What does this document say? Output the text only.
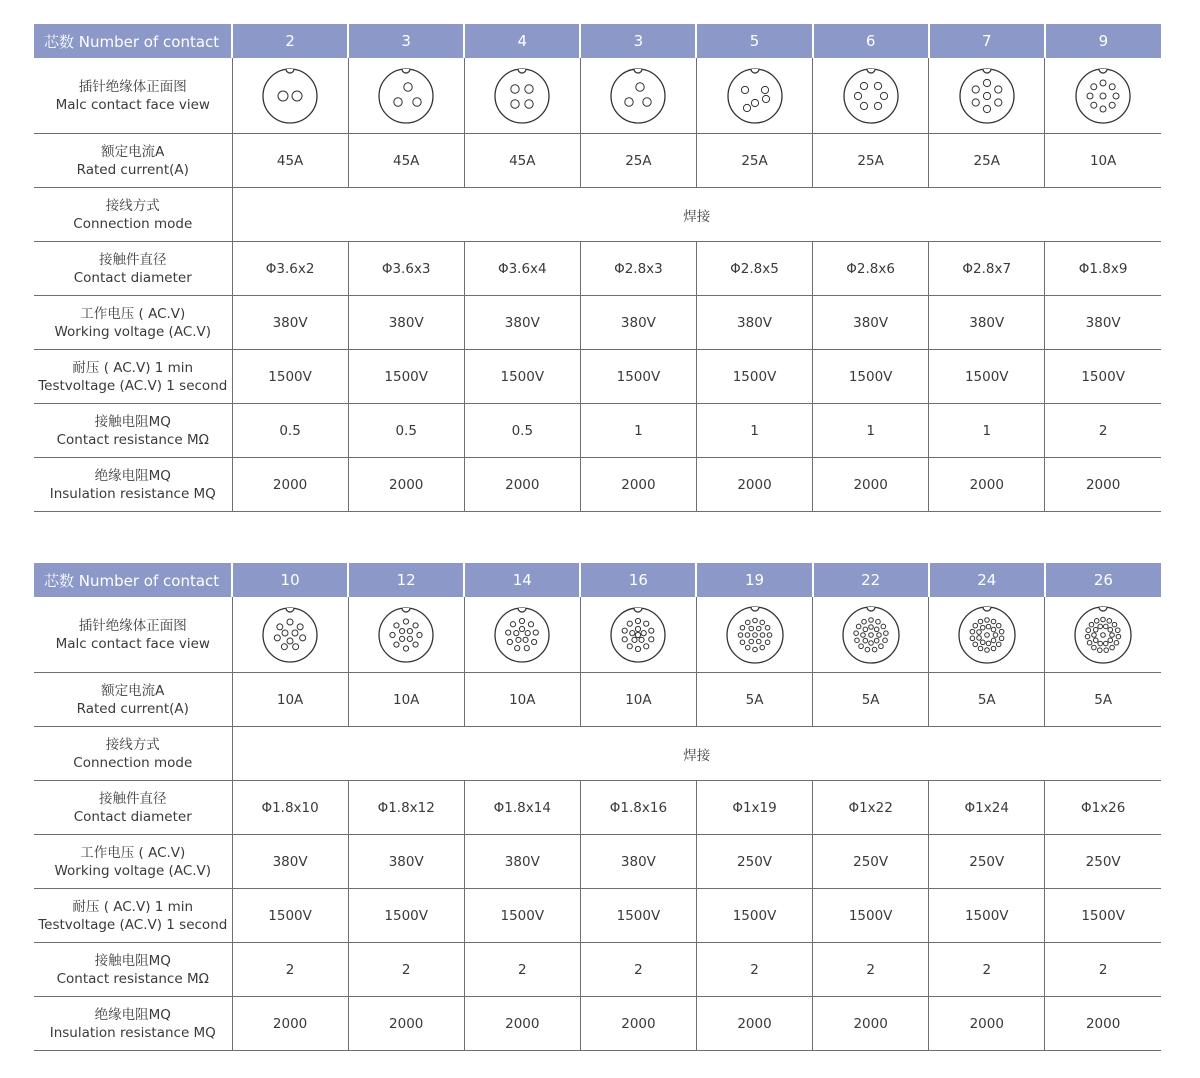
芯数 Number of contact	2	3	4	3	5	6	7	9

插针绝缘体正面图
Malc contact face view

额定电流A
Rated current(A)	45A	45A	45A	25A	25A	25A	25A	10A

接线方式
Connection mode	焊接							

接触件直径
Contact diameter	Φ3.6x2	Φ3.6x3	Φ3.6x4	Φ2.8x3	Φ2.8x5	Φ2.8x6	Φ2.8x7	Φ1.8x9

工作电压 ( AC.V)
Working voltage (AC.V)	380V	380V	380V	380V	380V	380V	380V	380V

耐压 ( AC.V) 1 min
Testvoltage (AC.V) 1 second	1500V	1500V	1500V	1500V	1500V	1500V	1500V	1500V

接触电阻MQ
Contact resistance MΩ	0.5	0.5	0.5	1	1	1	1	2

绝缘电阻MQ
Insulation resistance MQ	2000	2000	2000	2000	2000	2000	2000	2000
芯数 Number of contact	10	12	14	16	19	22	24	26

插针绝缘体正面图
Malc contact face view

额定电流A
Rated current(A)	10A	10A	10A	10A	5A	5A	5A	5A

接线方式
Connection mode	焊接							

接触件直径
Contact diameter	Φ1.8x10	Φ1.8x12	Φ1.8x14	Φ1.8x16	Φ1x19	Φ1x22	Φ1x24	Φ1x26

工作电压 ( AC.V)
Working voltage (AC.V)	380V	380V	380V	380V	250V	250V	250V	250V

耐压 ( AC.V) 1 min
Testvoltage (AC.V) 1 second	1500V	1500V	1500V	1500V	1500V	1500V	1500V	1500V

接触电阻MQ
Contact resistance MΩ	2	2	2	2	2	2	2	2

绝缘电阻MQ
Insulation resistance MQ	2000	2000	2000	2000	2000	2000	2000	2000
